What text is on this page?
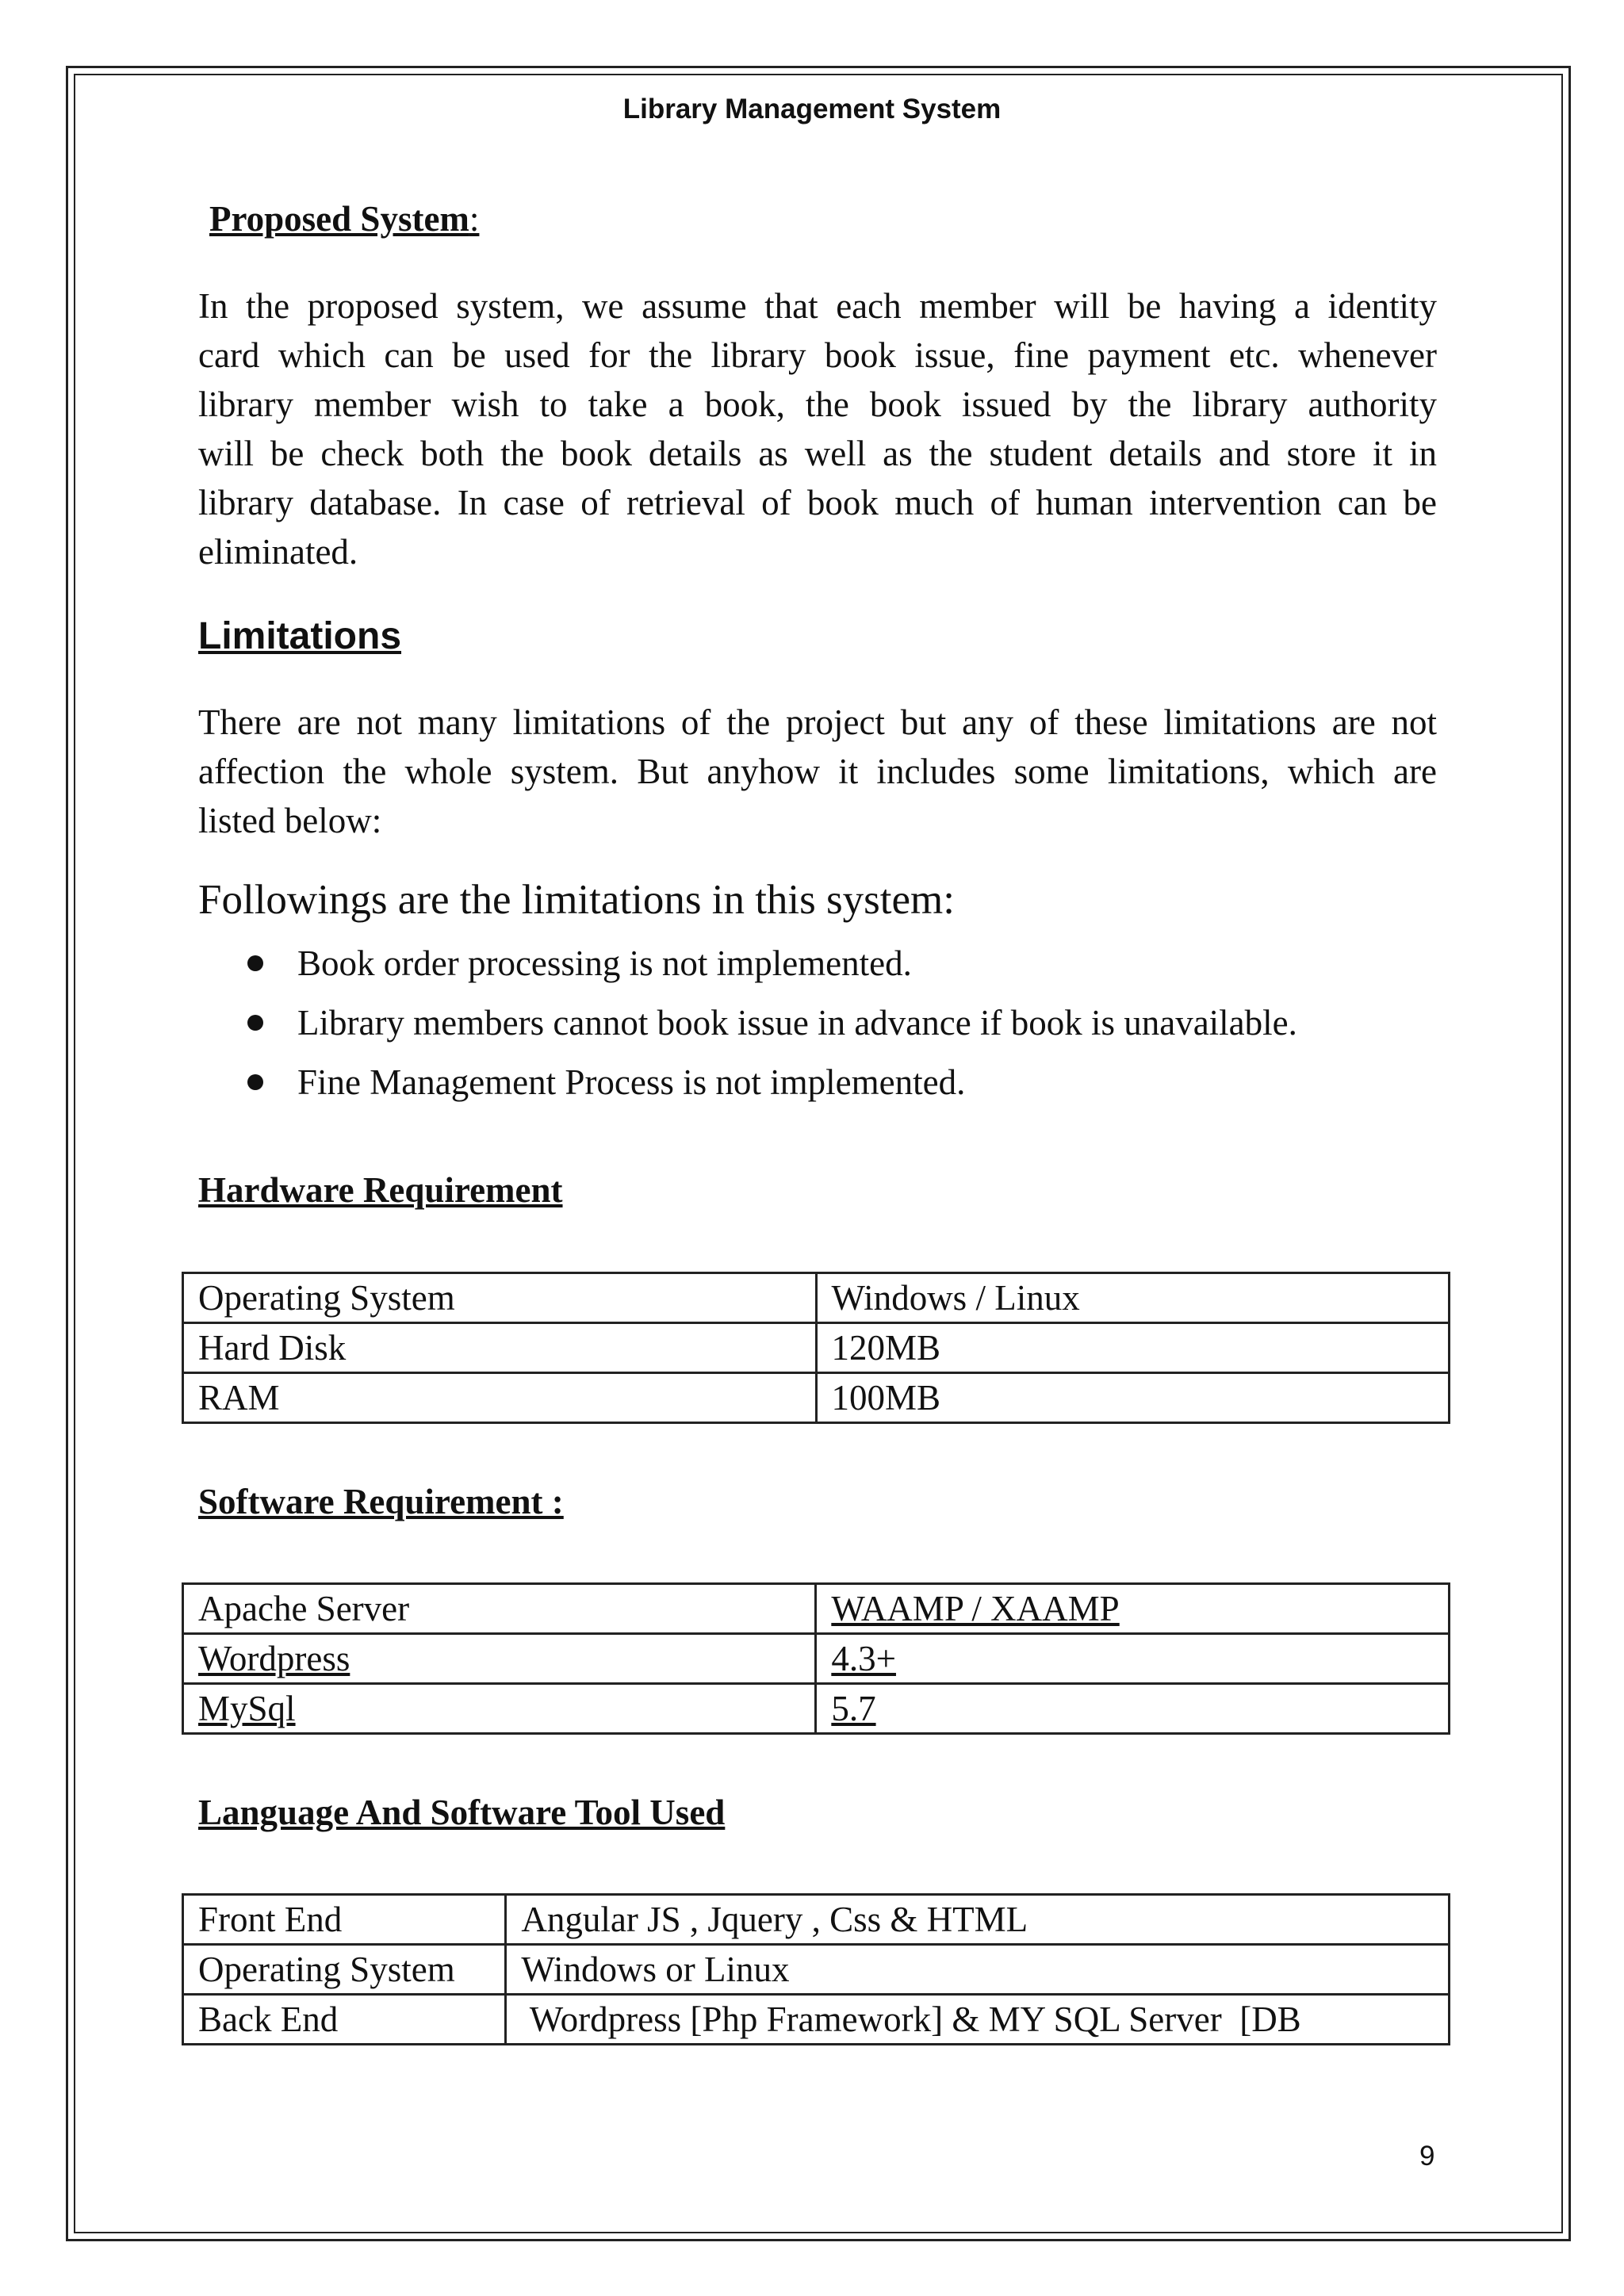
Library Management System
Proposed System:
In the proposed system, we assume that each member will be having a identity
card which can be used for the library book issue, fine payment etc. whenever
library member wish to take a book, the book issued by the library authority
will be check both the book details as well as the student details and store it in
library database. In case of retrieval of book much of human intervention can be
eliminated.
Limitations
There are not many limitations of the project but any of these limitations are not
affection the whole system. But anyhow it includes some limitations, which are
listed below:
Followings are the limitations in this system:
Book order processing is not implemented.
Library members cannot book issue in advance if book is unavailable.
Fine Management Process is not implemented.
Hardware Requirement
Operating System	Windows / Linux
Hard Disk	120MB
RAM	100MB
Software Requirement :
Apache Server	WAAMP / XAAMP
Wordpress	4.3+
MySql	5.7
Language And Software Tool Used
Front End	Angular JS , Jquery , Css & HTML
Operating System	Windows or Linux
Back End	Wordpress [Php Framework] & MY SQL Server  [DB
9
